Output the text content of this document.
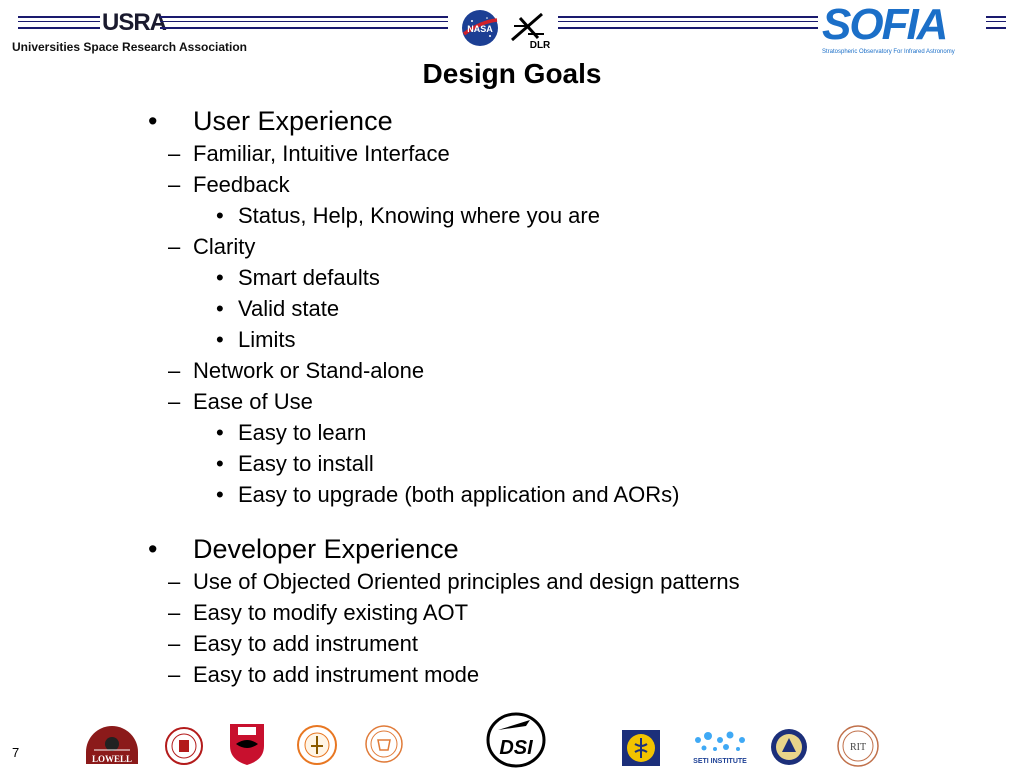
USRA	NASA
DLR	SOFIA
Stratospheric Observatory For Infrared Astronomy
Universities Space Research Association
Design Goals
• User Experience
– Familiar, Intuitive Interface
– Feedback
• Status, Help, Knowing where you are
– Clarity
• Smart defaults
• Valid state
• Limits
– Network or Stand-alone
– Ease of Use
• Easy to learn
• Easy to install
• Easy to upgrade (both application and AORs)
• Developer Experience
– Use of Objected Oriented principles and design patterns
– Easy to modify existing AOT
– Easy to add instrument
– Easy to add instrument mode
7	LOWELL	DSI
SETI INSTITUTE
RIT
